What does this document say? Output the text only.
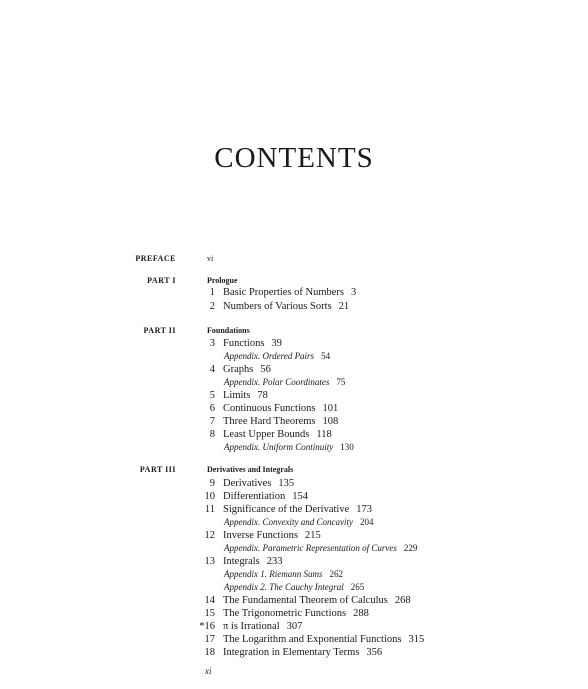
CONTENTS
PREFACE	vi
PART I	Prologue
1 Basic Properties of Numbers 3
2 Numbers of Various Sorts 21
PART II	Foundations
3 Functions 39
Appendix. Ordered Pairs 54
4 Graphs 56
Appendix. Polar Coordinates 75
5 Limits 78
6 Continuous Functions 101
7 Three Hard Theorems 108
8 Least Upper Bounds 118
Appendix. Uniform Continuity 130
PART III	Derivatives and Integrals
9 Derivatives 135
10 Differentiation 154
11 Significance of the Derivative 173
Appendix. Convexity and Concavity 204
12 Inverse Functions 215
Appendix. Parametric Representation of Curves 229
13 Integrals 233
Appendix 1. Riemann Sums 262
Appendix 2. The Cauchy Integral 265
14 The Fundamental Theorem of Calculus 268
15 The Trigonometric Functions 288
*16 π is Irrational 307
17 The Logarithm and Exponential Functions 315
18 Integration in Elementary Terms 356
xi
